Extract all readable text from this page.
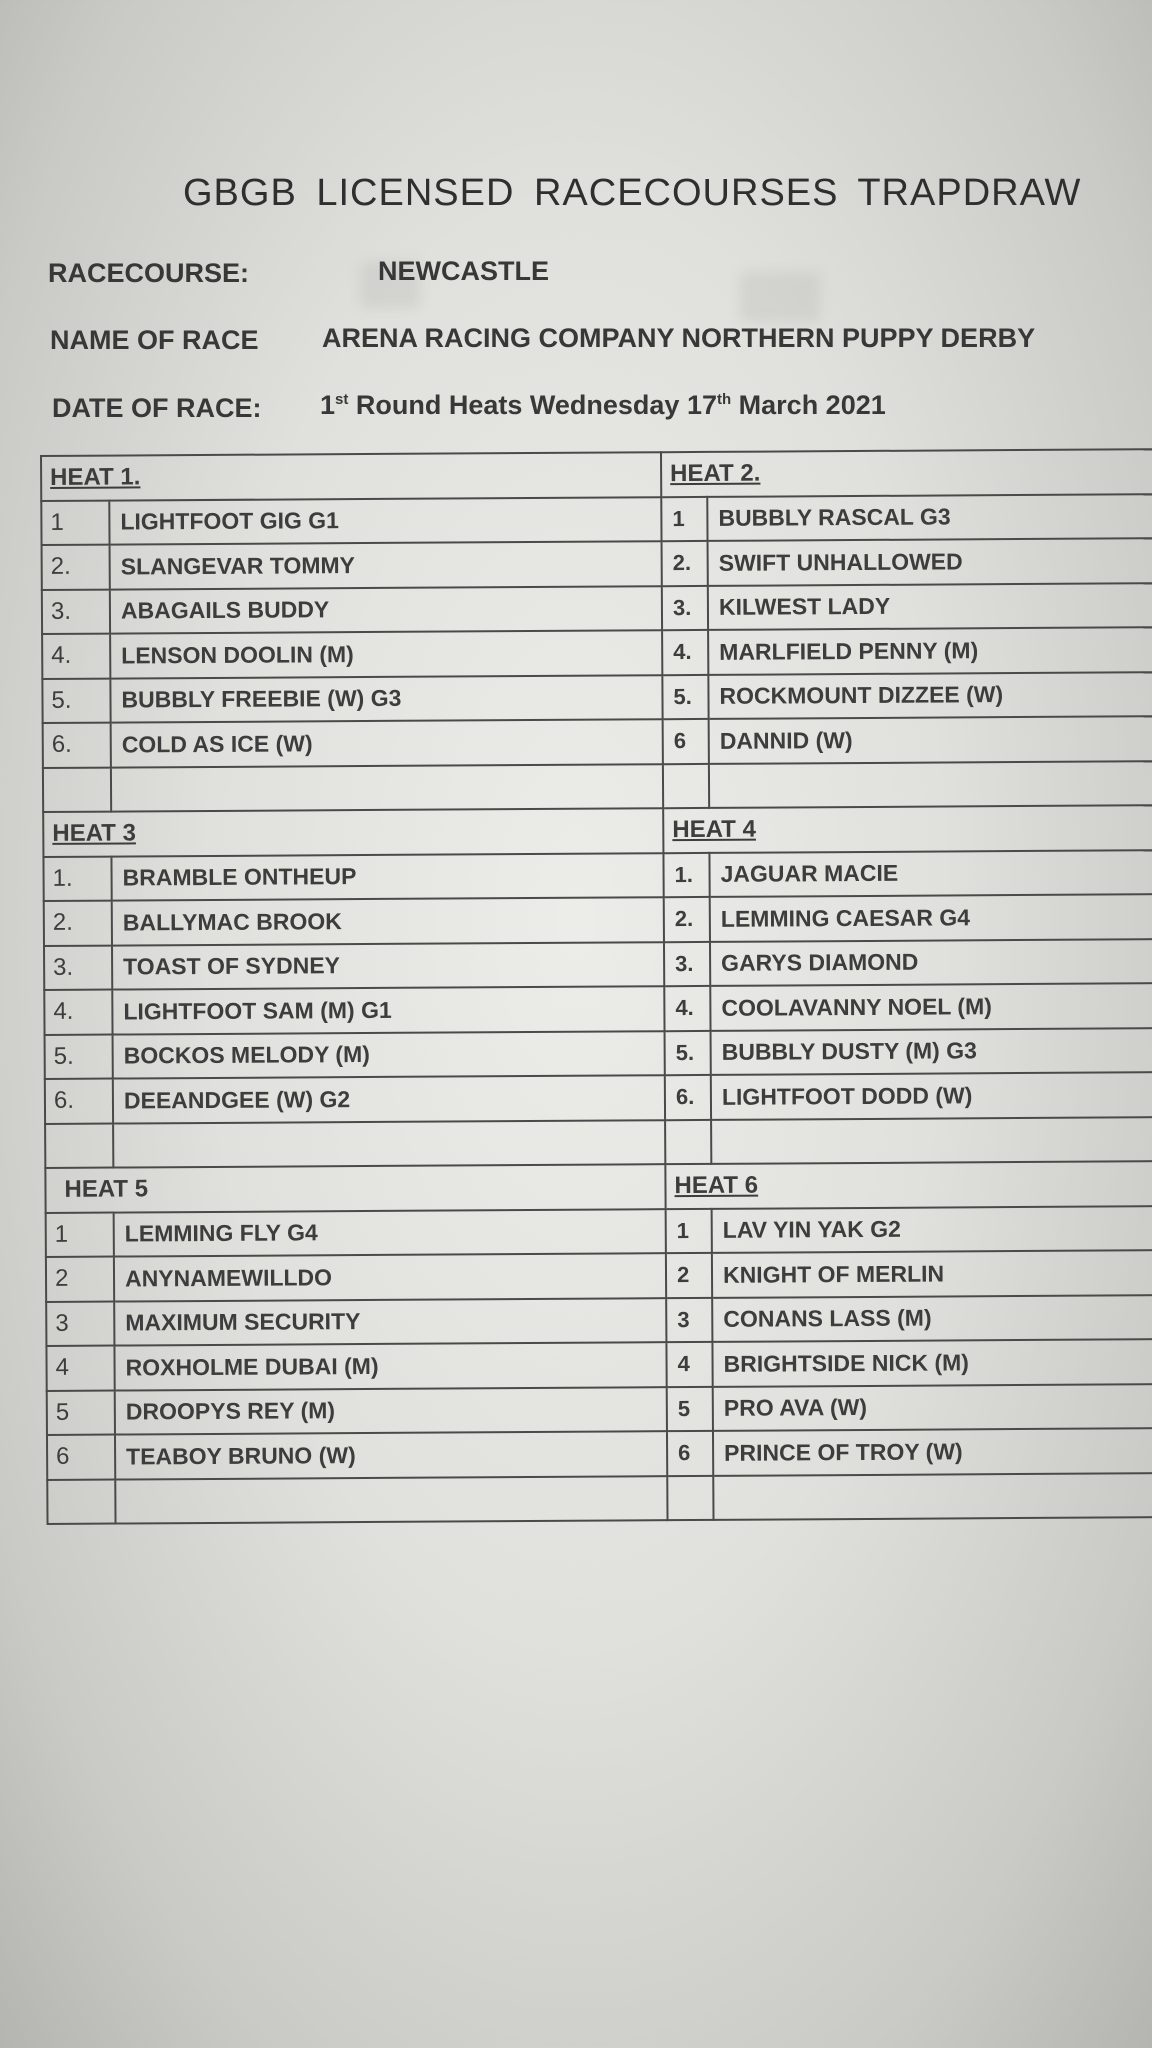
GBGB LICENSED RACECOURSES TRAPDRAW
RACECOURSE:	NEWCASTLE
NAME OF RACE ARENA RACING COMPANY NORTHERN PUPPY DERBY
DATE OF RACE: 1st Round Heats Wednesday 17th March 2021
HEAT 1.		HEAT 2.	
1	LIGHTFOOT GIG G1	1	BUBBLY RASCAL G3
2.	SLANGEVAR TOMMY	2.	SWIFT UNHALLOWED
3.	ABAGAILS BUDDY	3.	KILWEST LADY
4.	LENSON DOOLIN (M)	4.	MARLFIELD PENNY (M)
5.	BUBBLY FREEBIE (W) G3	5.	ROCKMOUNT DIZZEE (W)
6.	COLD AS ICE (W)	6	DANNID (W)

HEAT 3		HEAT 4	
1.	BRAMBLE ONTHEUP	1.	JAGUAR MACIE
2.	BALLYMAC BROOK	2.	LEMMING CAESAR G4
3.	TOAST OF SYDNEY	3.	GARYS DIAMOND
4.	LIGHTFOOT SAM (M) G1	4.	COOLAVANNY NOEL (M)
5.	BOCKOS MELODY (M)	5.	BUBBLY DUSTY (M) G3
6.	DEEANDGEE (W) G2	6.	LIGHTFOOT DODD (W)

HEAT 5		HEAT 6	
1	LEMMING FLY G4	1	LAV YIN YAK G2
2	ANYNAMEWILLDO	2	KNIGHT OF MERLIN
3	MAXIMUM SECURITY	3	CONANS LASS (M)
4	ROXHOLME DUBAI (M)	4	BRIGHTSIDE NICK (M)
5	DROOPYS REY (M)	5	PRO AVA (W)
6	TEABOY BRUNO (W)	6	PRINCE OF TROY (W)
